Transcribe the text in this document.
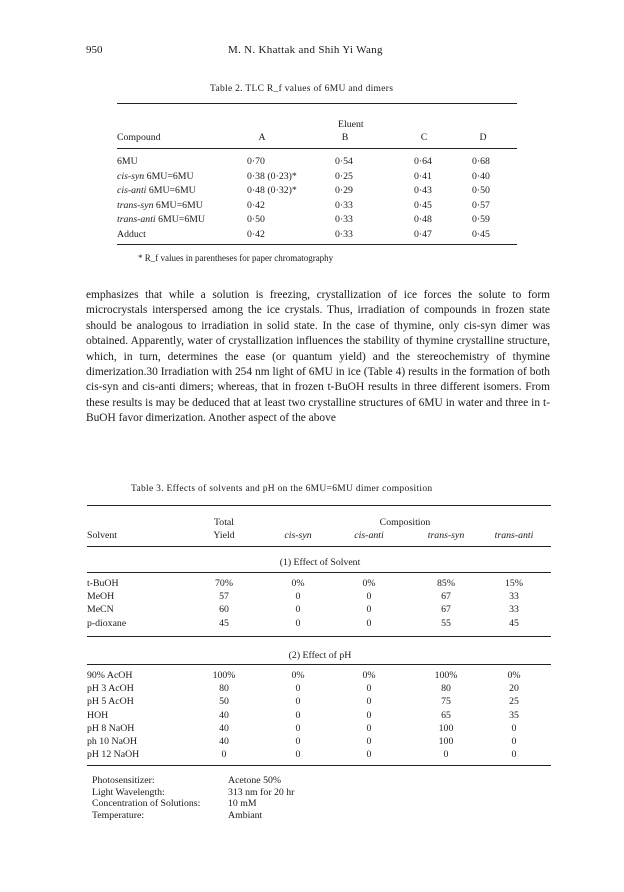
950	M. N. Khattak and Shih Yi Wang
Table 2. TLC R_f values of 6MU and dimers
Eluent
Compound	A	B	C	D
6MU	0·70	0·54	0·64	0·68
cis-syn 6MU=6MU	0·38 (0·23)*	0·25	0·41	0·40
cis-anti 6MU=6MU	0·48 (0·32)*	0·29	0·43	0·50
trans-syn 6MU=6MU	0·42	0·33	0·45	0·57
trans-anti 6MU=6MU	0·50	0·33	0·48	0·59
Adduct	0·42	0·33	0·47	0·45
* R_f values in parentheses for paper chromatography

emphasizes that while a solution is freezing, crystallization of ice forces the solute to form microcrystals interspersed among the ice crystals. Thus, irradiation of compounds in frozen state should be analogous to irradiation in solid state. In the case of thymine, only cis-syn dimer was obtained. Apparently, water of crystallization influences the stability of thymine crystalline structure, which, in turn, determines the ease (or quantum yield) and the stereochemistry of thymine dimerization.30 Irradiation with 254 nm light of 6MU in ice (Table 4) results in the formation of both cis-syn and cis-anti dimers; whereas, that in frozen t-BuOH results in three different isomers. From these results is may be deduced that at least two crystalline structures of 6MU in water and three in t-BuOH favor dimerization. Another aspect of the above

Table 3. Effects of solvents and pH on the 6MU=6MU dimer composition
Total	Composition
Solvent	Yield	cis-syn	cis-anti	trans-syn	trans-anti
(1) Effect of Solvent
t-BuOH	70%	0%	0%	85%	15%
MeOH	57	0	0	67	33
MeCN	60	0	0	67	33
p-dioxane	45	0	0	55	45
(2) Effect of pH
90% AcOH	100%	0%	0%	100%	0%
pH 3 AcOH	80	0	0	80	20
pH 5 AcOH	50	0	0	75	25
HOH	40	0	0	65	35
pH 8 NaOH	40	0	0	100	0
ph 10 NaOH	40	0	0	100	0
pH 12 NaOH	0	0	0	0	0
Photosensitizer:	Acetone 50%
Light Wavelength:	313 nm for 20 hr
Concentration of Solutions:	10 mM
Temperature:	Ambiant
